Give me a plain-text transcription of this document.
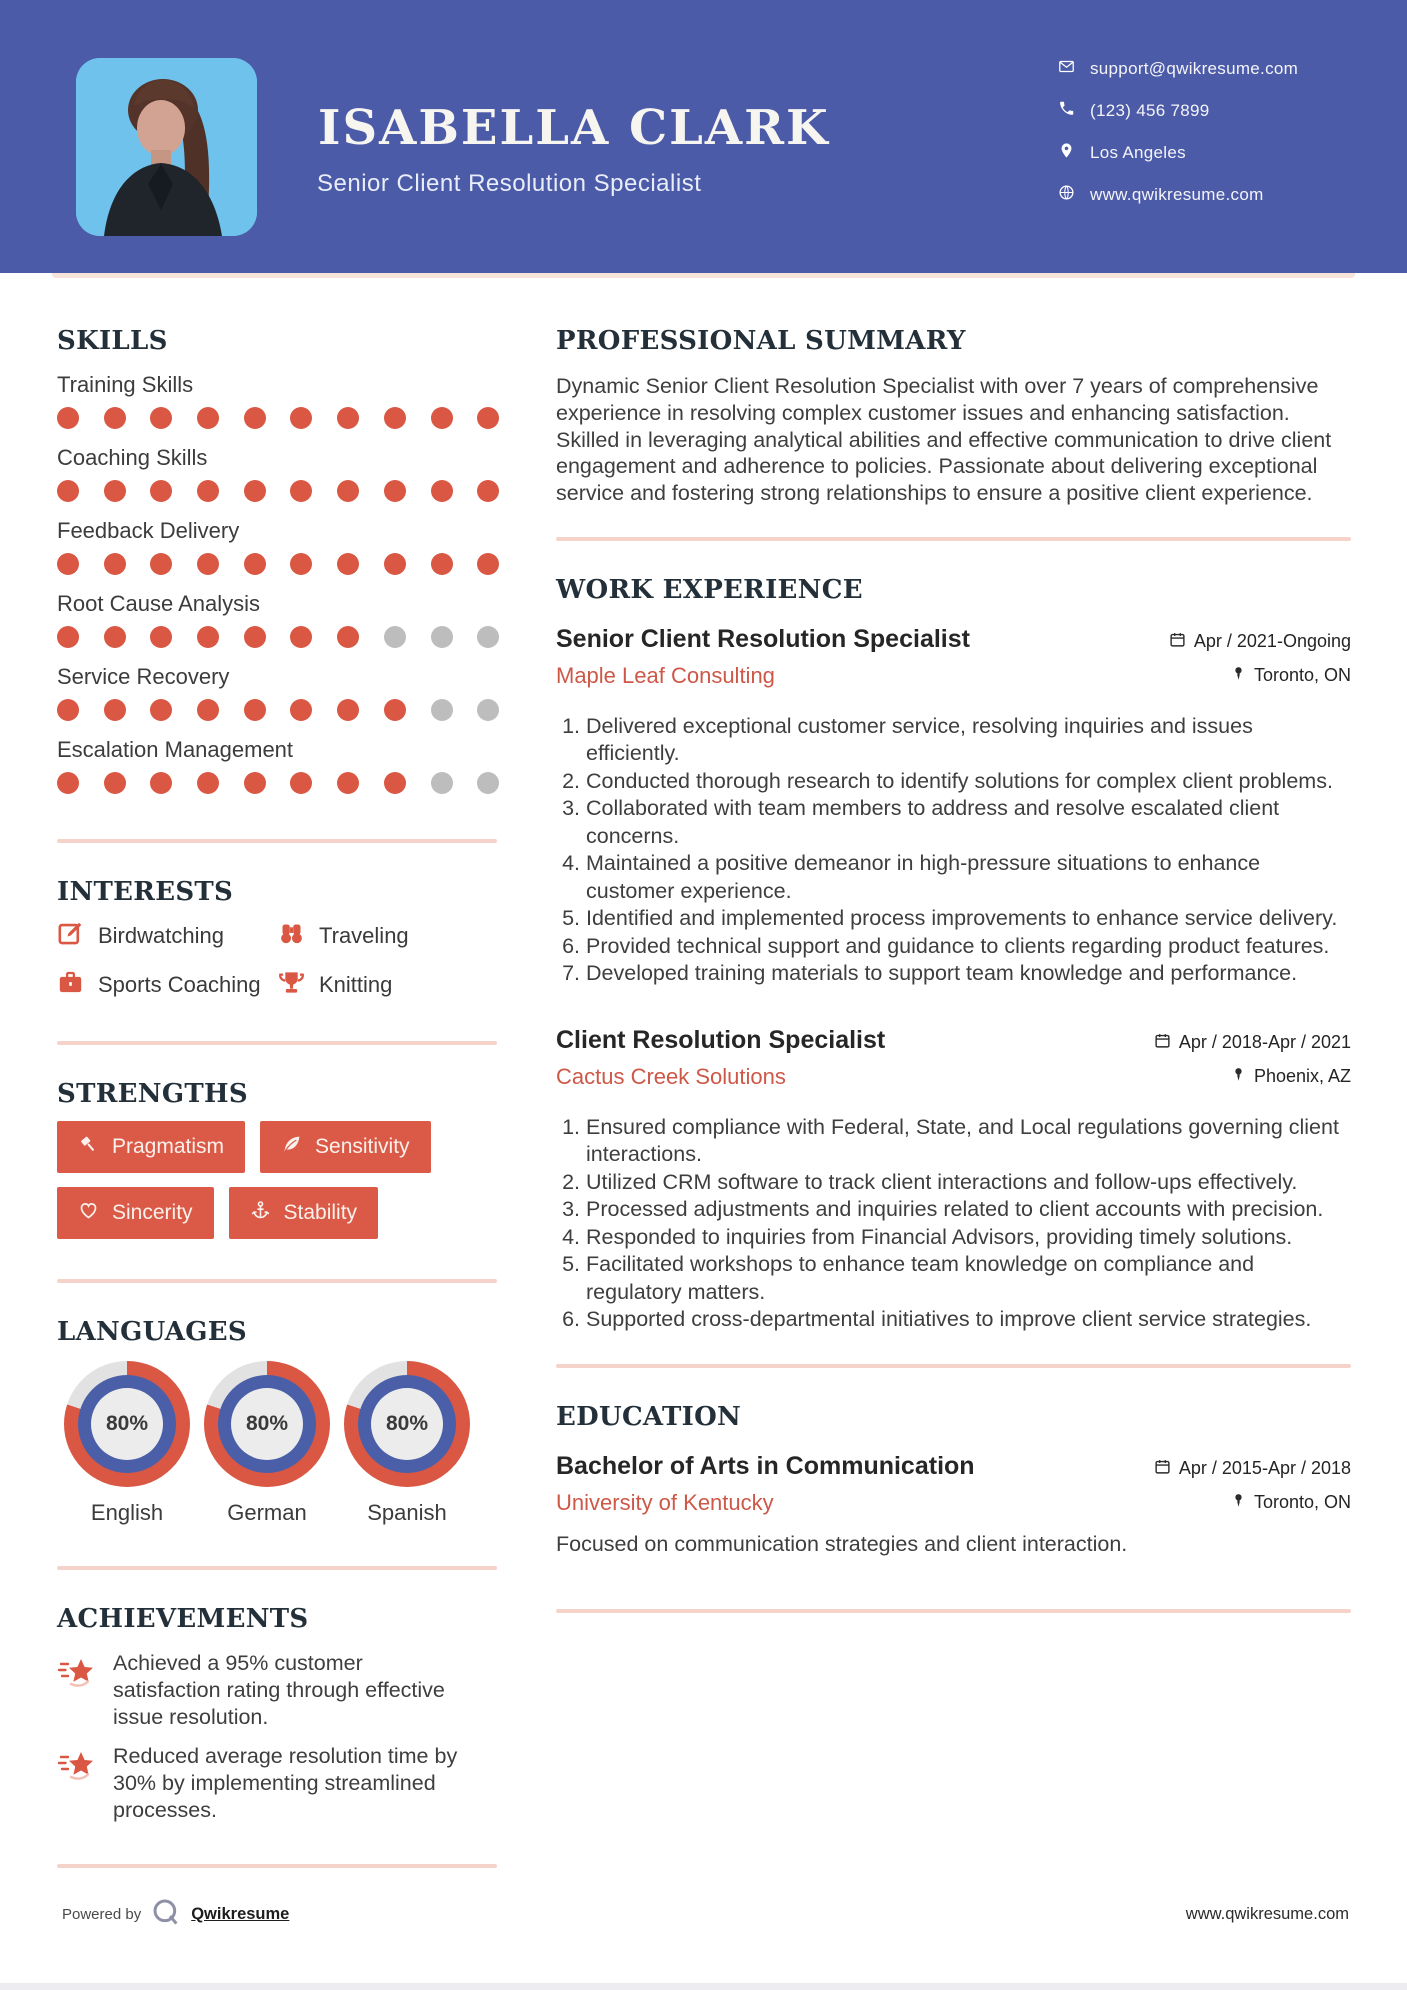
ISABELLA CLARK
Senior Client Resolution Specialist
support@qwikresume.com
(123) 456 7899
Los Angeles
www.qwikresume.com
SKILLS
Training Skills
Coaching Skills
Feedback Delivery
Root Cause Analysis
Service Recovery
Escalation Management
INTERESTS
Birdwatching	Traveling
Sports Coaching	Knitting
STRENGTHS
Pragmatism	Sensitivity
Sincerity	Stability
LANGUAGES
80%
English
80%
German
80%
Spanish
ACHIEVEMENTS
Achieved a 95% customer satisfaction rating through effective issue resolution.
Reduced average resolution time by 30% by implementing streamlined processes.
PROFESSIONAL SUMMARY

Dynamic Senior Client Resolution Specialist with over 7 years of comprehensive experience in resolving complex customer issues and enhancing satisfaction. Skilled in leveraging analytical abilities and effective communication to drive client engagement and adherence to policies. Passionate about delivering exceptional service and fostering strong relationships to ensure a positive client experience.

WORK EXPERIENCE
Senior Client Resolution Specialist
Maple Leaf Consulting
Apr / 2021-Ongoing
Toronto, ON
1. Delivered exceptional customer service, resolving inquiries and issues efficiently.
2. Conducted thorough research to identify solutions for complex client problems.
3. Collaborated with team members to address and resolve escalated client concerns.
4. Maintained a positive demeanor in high-pressure situations to enhance customer experience.
5. Identified and implemented process improvements to enhance service delivery.
6. Provided technical support and guidance to clients regarding product features.
7. Developed training materials to support team knowledge and performance.
Client Resolution Specialist
Cactus Creek Solutions
Apr / 2018-Apr / 2021
Phoenix, AZ
1. Ensured compliance with Federal, State, and Local regulations governing client interactions.
2. Utilized CRM software to track client interactions and follow-ups effectively.
3. Processed adjustments and inquiries related to client accounts with precision.
4. Responded to inquiries from Financial Advisors, providing timely solutions.
5. Facilitated workshops to enhance team knowledge on compliance and regulatory matters.
6. Supported cross-departmental initiatives to improve client service strategies.
EDUCATION
Bachelor of Arts in Communication
University of Kentucky
Apr / 2015-Apr / 2018
Toronto, ON
Focused on communication strategies and client interaction.
Powered by	Qwikresume	www.qwikresume.com
